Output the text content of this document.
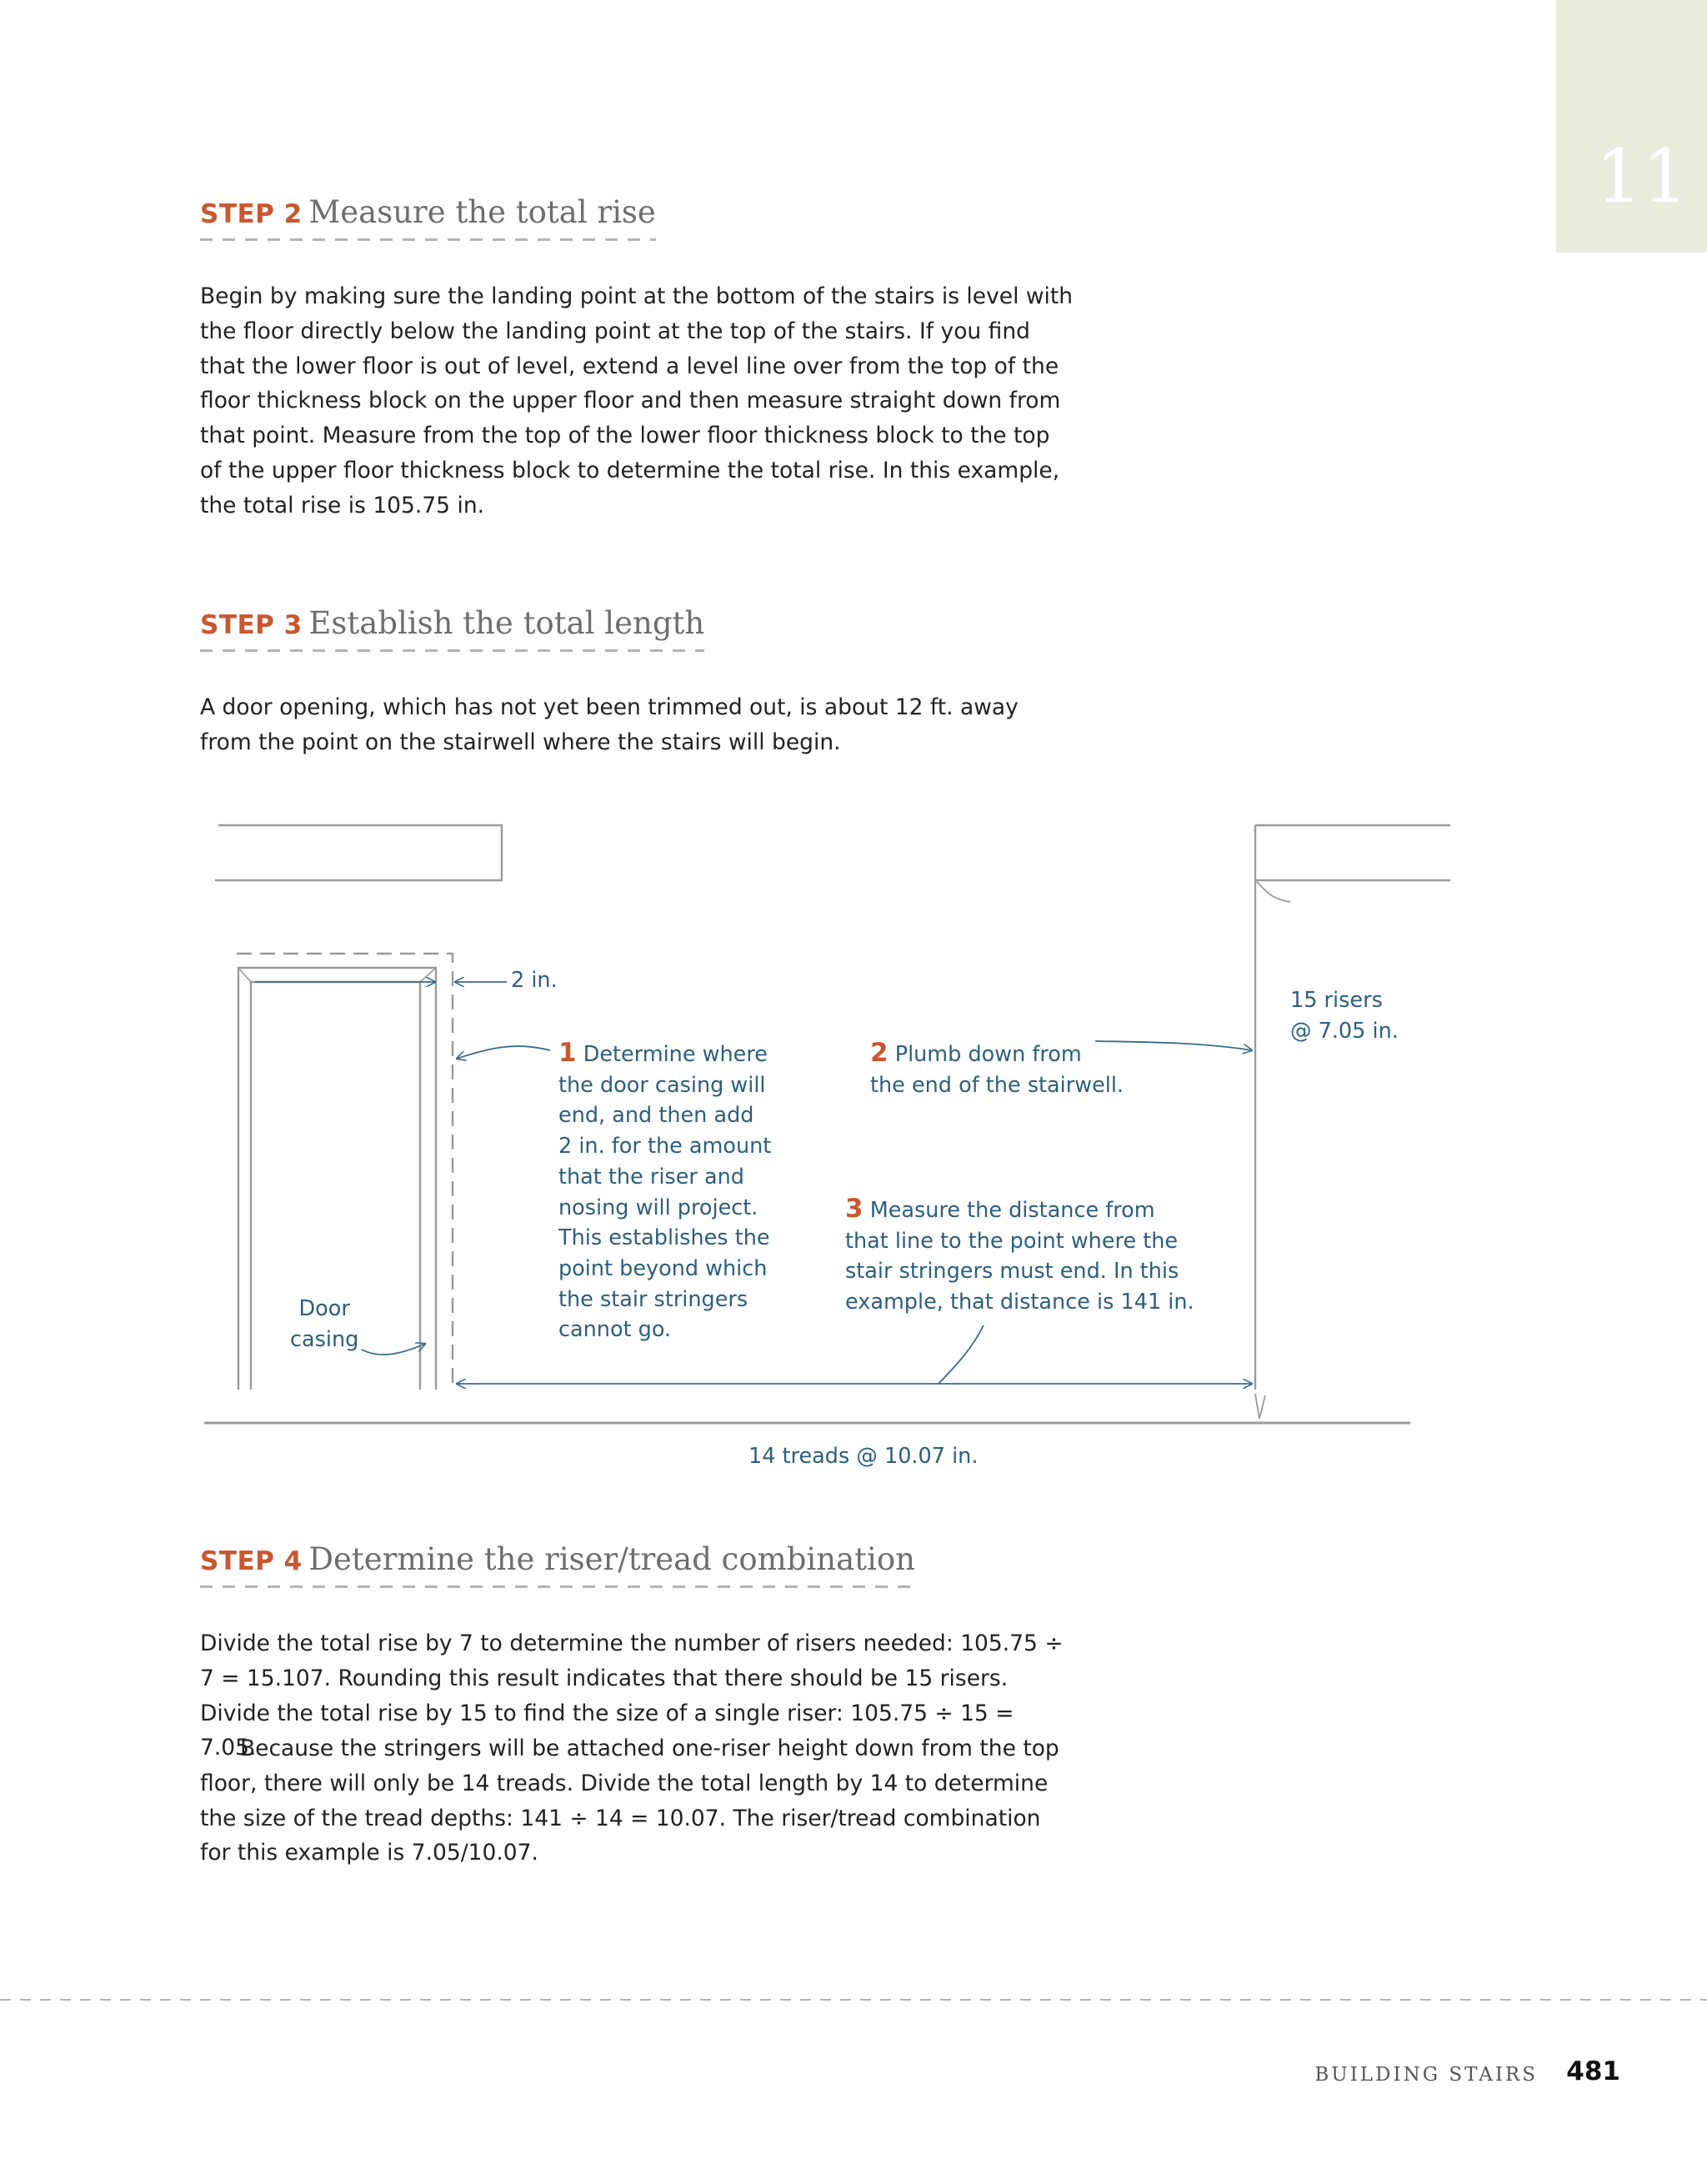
11
STEP 2 Measure the total rise

Begin by making sure the landing point at the bottom of the stairs is level with the floor directly below the landing point at the top of the stairs. If you find that the lower floor is out of level, extend a level line over from the top of the floor thickness block on the upper floor and then measure straight down from that point. Measure from the top of the lower floor thickness block to the top of the upper floor thickness block to determine the total rise. In this example, the total rise is 105.75 in.

STEP 3 Establish the total length

A door opening, which has not yet been trimmed out, is about 12 ft. away from the point on the stairwell where the stairs will begin.

2 in.
1 Determine where
the door casing will
end, and then add
2 in. for the amount
that the riser and
nosing will project.
This establishes the
point beyond which
the stair stringers
cannot go.
2 Plumb down from
the end of the stairwell.
3 Measure the distance from
that line to the point where the
stair stringers must end. In this
example, that distance is 141 in.
15 risers
@ 7.05 in.
Door
casing
14 treads @ 10.07 in.
STEP 4 Determine the riser/tread combination

Divide the total rise by 7 to determine the number of risers needed: 105.75 ÷ 7 = 15.107. Rounding this result indicates that there should be 15 risers. Divide the total rise by 15 to find the size of a single riser: 105.75 ÷ 15 = 7.05.

Because the stringers will be attached one-riser height down from the top floor, there will only be 14 treads. Divide the total length by 14 to determine the size of the tread depths: 141 ÷ 14 = 10.07. The riser/tread combination for this example is 7.05/10.07.

BUILDING STAIRS 481
